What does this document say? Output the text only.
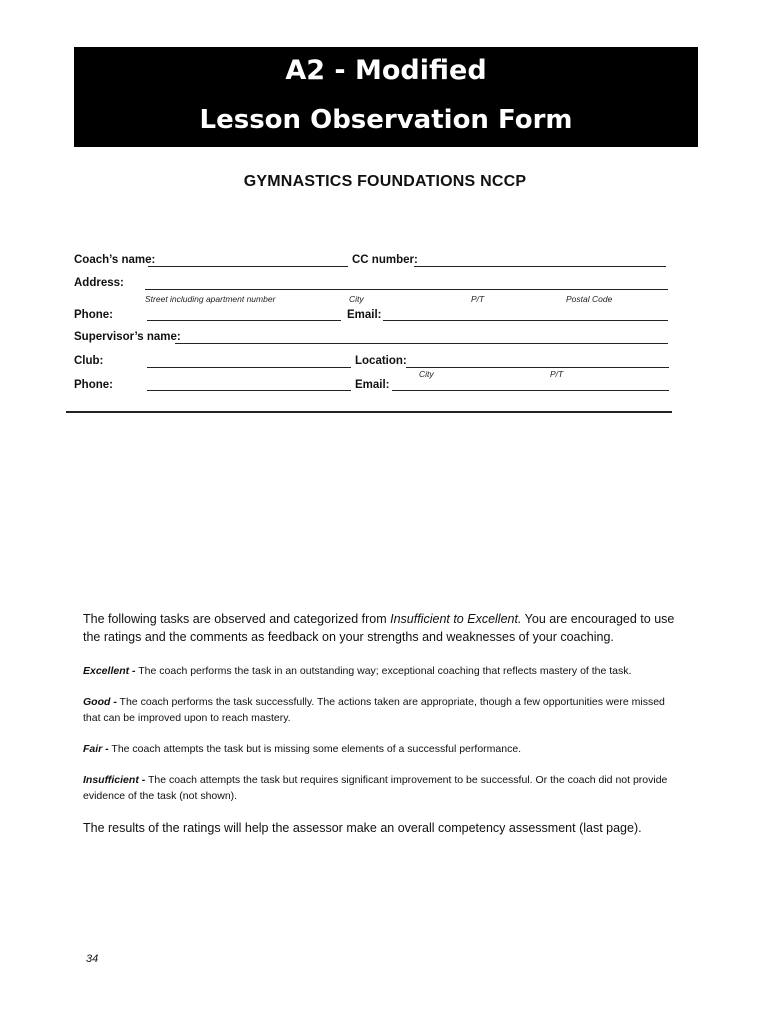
A2 - Modified
Lesson Observation Form
GYMNASTICS FOUNDATIONS NCCP
Coach’s name:	CC number:
Address:
Street including apartment number	City	P/T	Postal Code
Phone:	Email:
Supervisor’s name:
Club:	Location:
City	P/T
Phone:	Email:
The following tasks are observed and categorized from Insufficient to Excellent. You are encouraged to use the ratings and the comments as feedback on your strengths and weaknesses of your coaching.
Excellent - The coach performs the task in an outstanding way; exceptional coaching that reflects mastery of the task.
Good - The coach performs the task successfully. The actions taken are appropriate, though a few opportunities were missed that can be improved upon to reach mastery.
Fair - The coach attempts the task but is missing some elements of a successful performance.
Insufficient - The coach attempts the task but requires significant improvement to be successful. Or the coach did not provide evidence of the task (not shown).
The results of the ratings will help the assessor make an overall competency assessment (last page).
34
